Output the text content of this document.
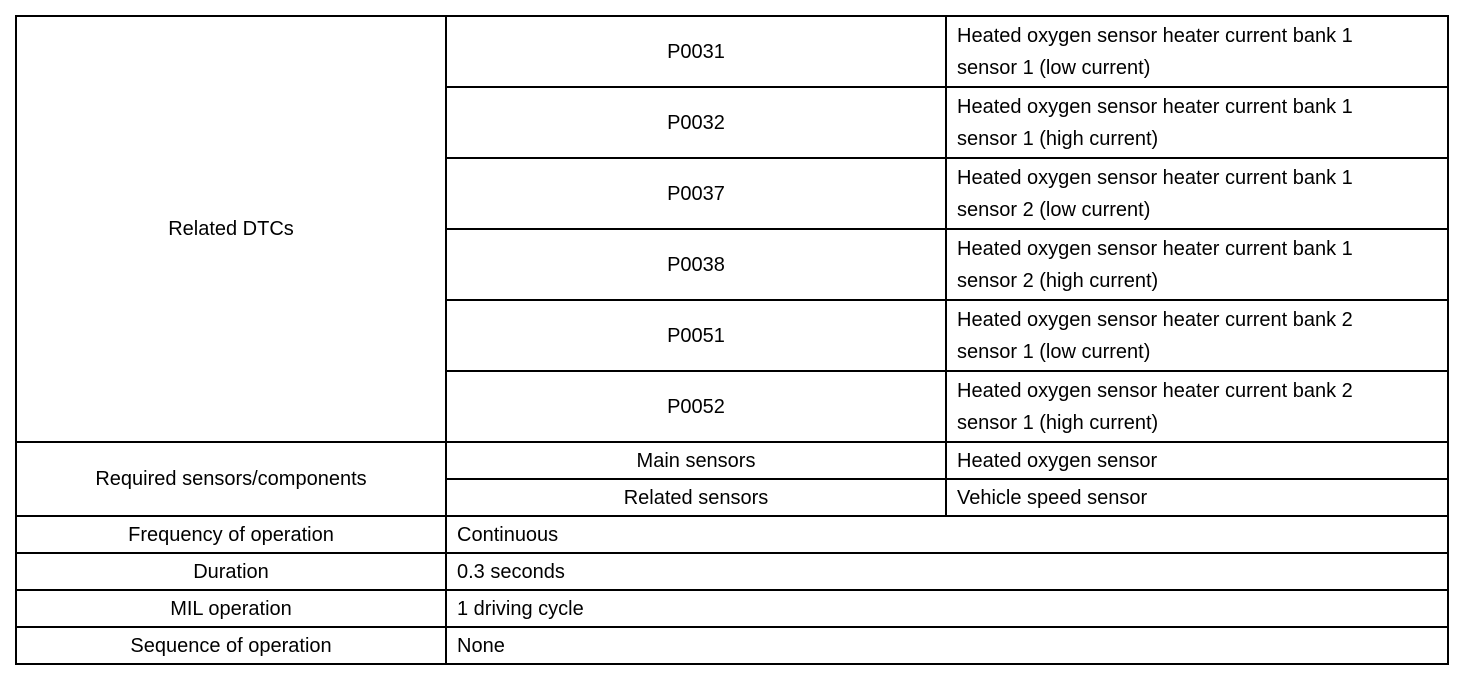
Related DTCs	P0031	Heated oxygen sensor heater current bank 1
sensor 1 (low current)
	P0032	Heated oxygen sensor heater current bank 1
sensor 1 (high current)
	P0037	Heated oxygen sensor heater current bank 1
sensor 2 (low current)
	P0038	Heated oxygen sensor heater current bank 1
sensor 2 (high current)
	P0051	Heated oxygen sensor heater current bank 2
sensor 1 (low current)
	P0052	Heated oxygen sensor heater current bank 2
sensor 1 (high current)
Required sensors/components	Main sensors	Heated oxygen sensor
	Related sensors	Vehicle speed sensor
Frequency of operation	Continuous	
Duration	0.3 seconds	
MIL operation	1 driving cycle	
Sequence of operation	None	
